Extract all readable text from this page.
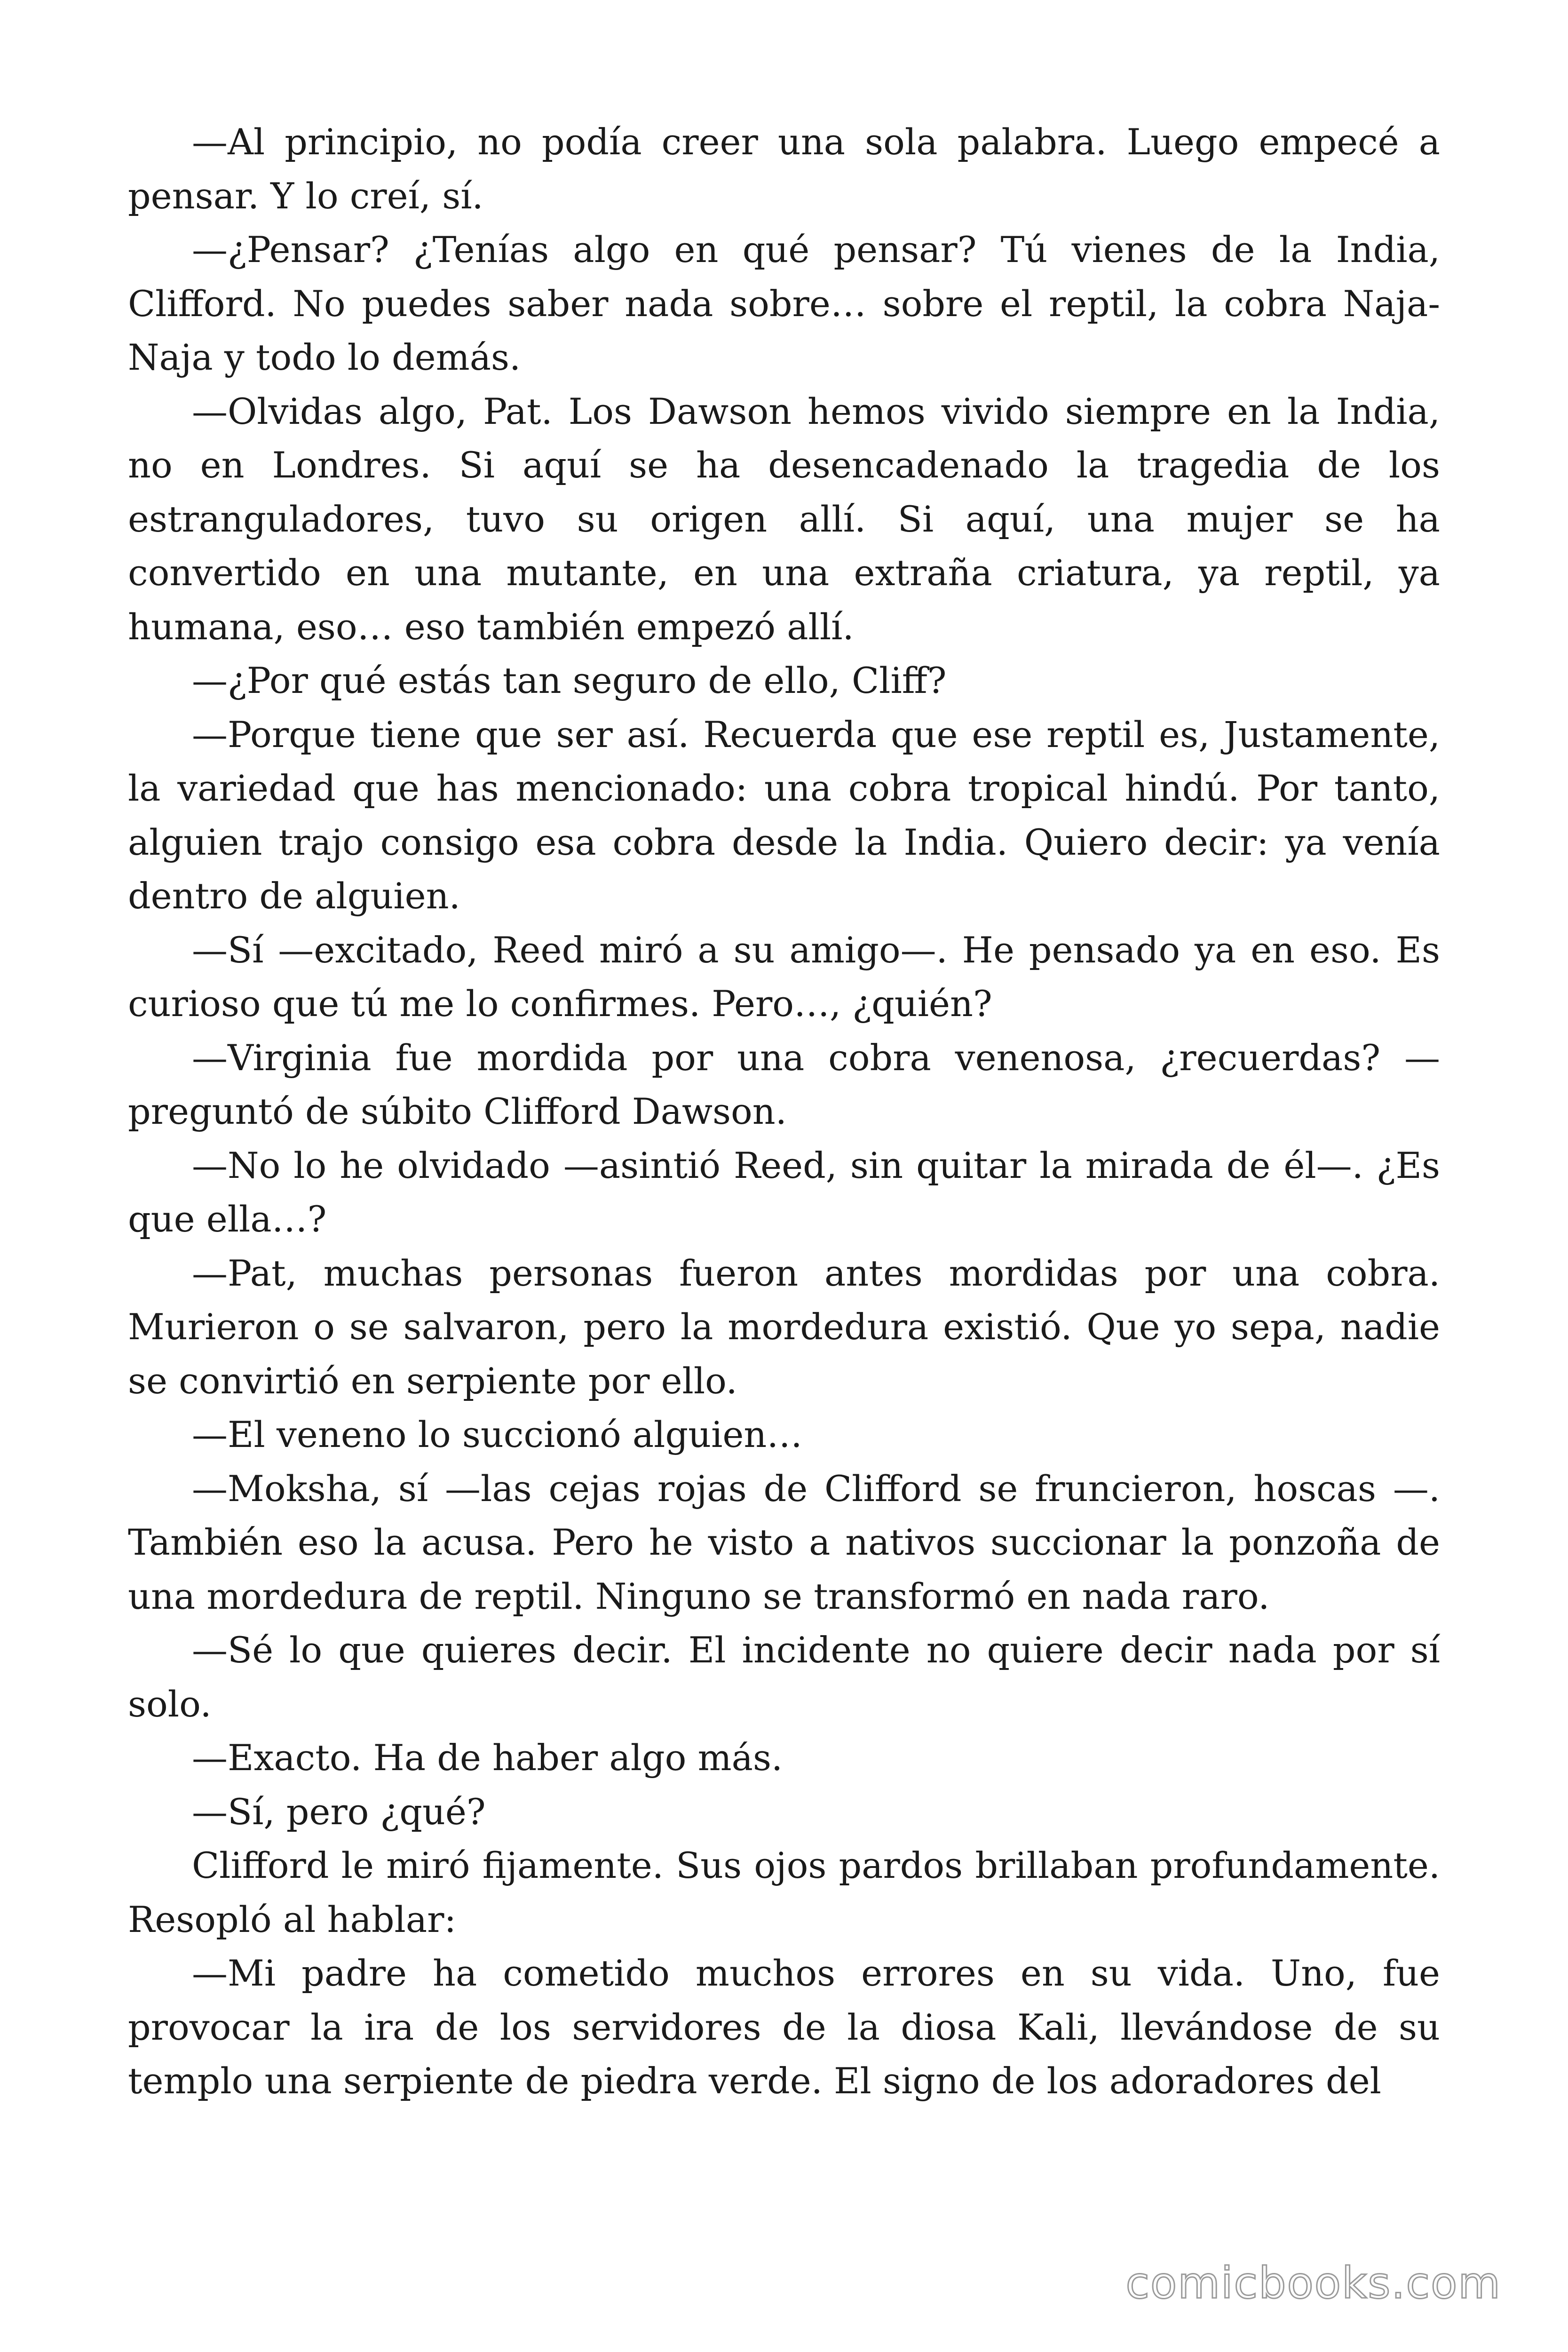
—Al principio, no podía creer una sola palabra. Luego empecé a pensar. Y lo creí, sí.

—¿Pensar? ¿Tenías algo en qué pensar? Tú vienes de la India, Clifford. No puedes saber nada sobre… sobre el reptil, la cobra Naja-Naja y todo lo demás.

—Olvidas algo, Pat. Los Dawson hemos vivido siempre en la India, no en Londres. Si aquí se ha desencadenado la tragedia de los estranguladores, tuvo su origen allí. Si aquí, una mujer se ha convertido en una mutante, en una extraña criatura, ya reptil, ya humana, eso… eso también empezó allí.

—¿Por qué estás tan seguro de ello, Cliff?

—Porque tiene que ser así. Recuerda que ese reptil es, Justamente, la variedad que has mencionado: una cobra tropical hindú. Por tanto, alguien trajo consigo esa cobra desde la India. Quiero decir: ya venía dentro de alguien.

—Sí —excitado, Reed miró a su amigo—. He pensado ya en eso. Es curioso que tú me lo confirmes. Pero…, ¿quién?

—Virginia fue mordida por una cobra venenosa, ¿recuerdas? —preguntó de súbito Clifford Dawson.

—No lo he olvidado —asintió Reed, sin quitar la mirada de él—. ¿Es que ella…?

—Pat, muchas personas fueron antes mordidas por una cobra. Murieron o se salvaron, pero la mordedura existió. Que yo sepa, nadie se convirtió en serpiente por ello.

—El veneno lo succionó alguien…

—Moksha, sí —las cejas rojas de Clifford se fruncieron, hoscas —. También eso la acusa. Pero he visto a nativos succionar la ponzoña de una mordedura de reptil. Ninguno se transformó en nada raro.

—Sé lo que quieres decir. El incidente no quiere decir nada por sí solo.

—Exacto. Ha de haber algo más.

—Sí, pero ¿qué?

Clifford le miró fijamente. Sus ojos pardos brillaban profundamente. Resopló al hablar:

—Mi padre ha cometido muchos errores en su vida. Uno, fue provocar la ira de los servidores de la diosa Kali, llevándose de su templo una serpiente de piedra verde. El signo de los adoradores del

comicbooks.com
